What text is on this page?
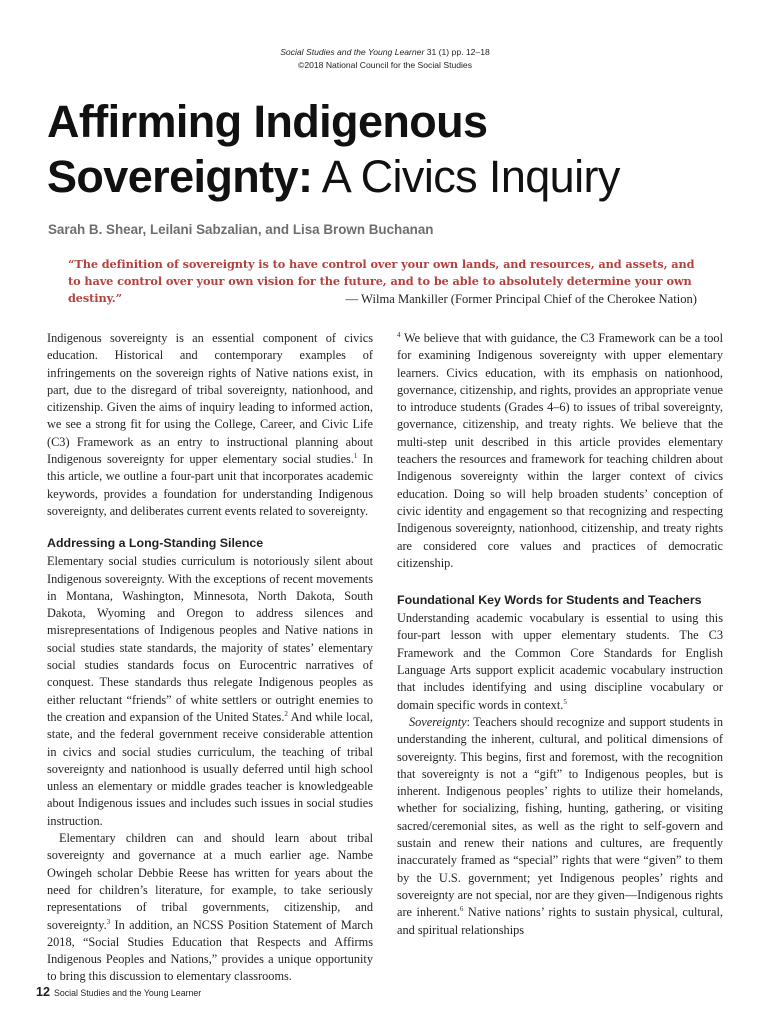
Social Studies and the Young Learner 31 (1) pp. 12–18
©2018 National Council for the Social Studies
Affirming Indigenous
Sovereignty: A Civics Inquiry
Sarah B. Shear, Leilani Sabzalian, and Lisa Brown Buchanan
“The definition of sovereignty is to have control over your own lands, and resources, and assets, and to have control over your own vision for the future, and to be able to absolutely determine your own destiny.”	— Wilma Mankiller (Former Principal Chief of the Cherokee Nation)

Indigenous sovereignty is an essential component of civics education. Historical and contemporary examples of infringements on the sovereign rights of Native nations exist, in part, due to the disregard of tribal sovereignty, nationhood, and citizenship. Given the aims of inquiry leading to informed action, we see a strong fit for using the College, Career, and Civic Life (C3) Framework as an entry to instructional planning about Indigenous sovereignty for upper elementary social studies.$^1$ In this article, we outline a four-part unit that incorporates academic keywords, provides a foundation for understanding Indigenous sovereignty, and deliberates current events related to sovereignty.

Addressing a Long-Standing Silence

Elementary social studies curriculum is notoriously silent about Indigenous sovereignty. With the exceptions of recent movements in Montana, Washington, Minnesota, North Dakota, South Dakota, Wyoming and Oregon to address silences and misrepresentations of Indigenous peoples and Native nations in social studies state standards, the majority of states’ elementary social studies standards focus on Eurocentric narratives of conquest. These standards thus relegate Indigenous peoples as either reluctant “friends” of white settlers or outright enemies to the creation and expansion of the United States.$^2$ And while local, state, and the federal government receive considerable attention in civics and social studies curriculum, the teaching of tribal sovereignty and nationhood is usually deferred until high school unless an elementary or middle grades teacher is knowledgeable about Indigenous issues and includes such issues in social studies instruction.

Elementary children can and should learn about tribal sovereignty and governance at a much earlier age. Nambe Owingeh scholar Debbie Reese has written for years about the need for children’s literature, for example, to take seriously representations of tribal governments, citizenship, and sovereignty.$^3$ In addition, an NCSS Position Statement of March 2018, “Social Studies Education that Respects and Affirms Indigenous Peoples and Nations,” provides a unique opportunity to bring this discussion to elementary classrooms.

$^4$ We believe that with guidance, the C3 Framework can be a tool for examining Indigenous sovereignty with upper elementary learners. Civics education, with its emphasis on nationhood, governance, citizenship, and rights, provides an appropriate venue to introduce students (Grades 4–6) to issues of tribal sovereignty, governance, citizenship, and treaty rights. We believe that the multi-step unit described in this article provides elementary teachers the resources and framework for teaching children about Indigenous sovereignty within the larger context of civics education. Doing so will help broaden students’ conception of civic identity and engagement so that recognizing and respecting Indigenous sovereignty, nationhood, citizenship, and treaty rights are considered core values and practices of democratic citizenship.

Foundational Key Words for Students and Teachers

Understanding academic vocabulary is essential to using this four-part lesson with upper elementary students. The C3 Framework and the Common Core Standards for English Language Arts support explicit academic vocabulary instruction that includes identifying and using discipline vocabulary or domain specific words in context.$^5$

Sovereignty: Teachers should recognize and support students in understanding the inherent, cultural, and political dimensions of sovereignty. This begins, first and foremost, with the recognition that sovereignty is not a “gift” to Indigenous peoples, but is inherent. Indigenous peoples’ rights to utilize their homelands, whether for socializing, fishing, hunting, gathering, or visiting sacred/ceremonial sites, as well as the right to self-govern and sustain and renew their nations and cultures, are frequently inaccurately framed as “special” rights that were “given” to them by the U.S. government; yet Indigenous peoples’ rights and sovereignty are not special, nor are they given—Indigenous rights are inherent.$^6$ Native nations’ rights to sustain physical, cultural, and spiritual relationships

12 Social Studies and the Young Learner
